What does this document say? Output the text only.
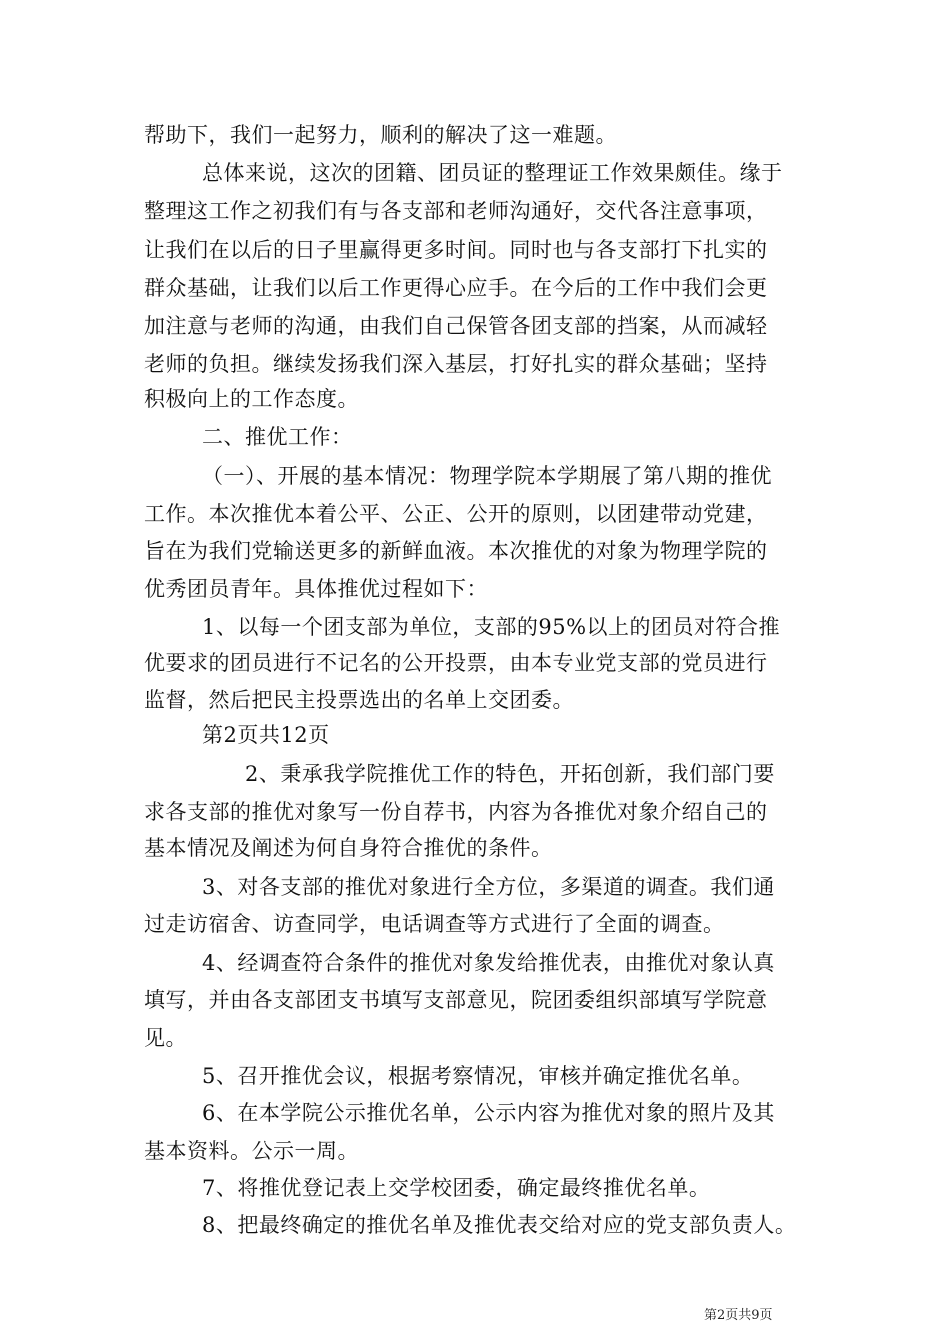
帮助下，我们一起努力，顺利的解决了这一难题。
总体来说，这次的团籍、团员证的整理证工作效果颇佳。缘于
整理这工作之初我们有与各支部和老师沟通好，交代各注意事项，
让我们在以后的日子里赢得更多时间。同时也与各支部打下扎实的
群众基础，让我们以后工作更得心应手。在今后的工作中我们会更
加注意与老师的沟通，由我们自己保管各团支部的挡案，从而减轻
老师的负担。继续发扬我们深入基层，打好扎实的群众基础；坚持
积极向上的工作态度。
二、推优工作：
（一）、开展的基本情况：物理学院本学期展了第八期的推优
工作。本次推优本着公平、公正、公开的原则，以团建带动党建，
旨在为我们党输送更多的新鲜血液。本次推优的对象为物理学院的
优秀团员青年。具体推优过程如下：
1、以每一个团支部为单位，支部的95%以上的团员对符合推
优要求的团员进行不记名的公开投票，由本专业党支部的党员进行
监督，然后把民主投票选出的名单上交团委。
第2页共12页
2、秉承我学院推优工作的特色，开拓创新，我们部门要
求各支部的推优对象写一份自荐书，内容为各推优对象介绍自己的
基本情况及阐述为何自身符合推优的条件。
3、对各支部的推优对象进行全方位，多渠道的调查。我们通
过走访宿舍、访查同学，电话调查等方式进行了全面的调查。
4、经调查符合条件的推优对象发给推优表，由推优对象认真
填写，并由各支部团支书填写支部意见，院团委组织部填写学院意
见。
5、召开推优会议，根据考察情况，审核并确定推优名单。
6、在本学院公示推优名单，公示内容为推优对象的照片及其
基本资料。公示一周。
7、将推优登记表上交学校团委，确定最终推优名单。
8、把最终确定的推优名单及推优表交给对应的党支部负责人。
第2页共9页
